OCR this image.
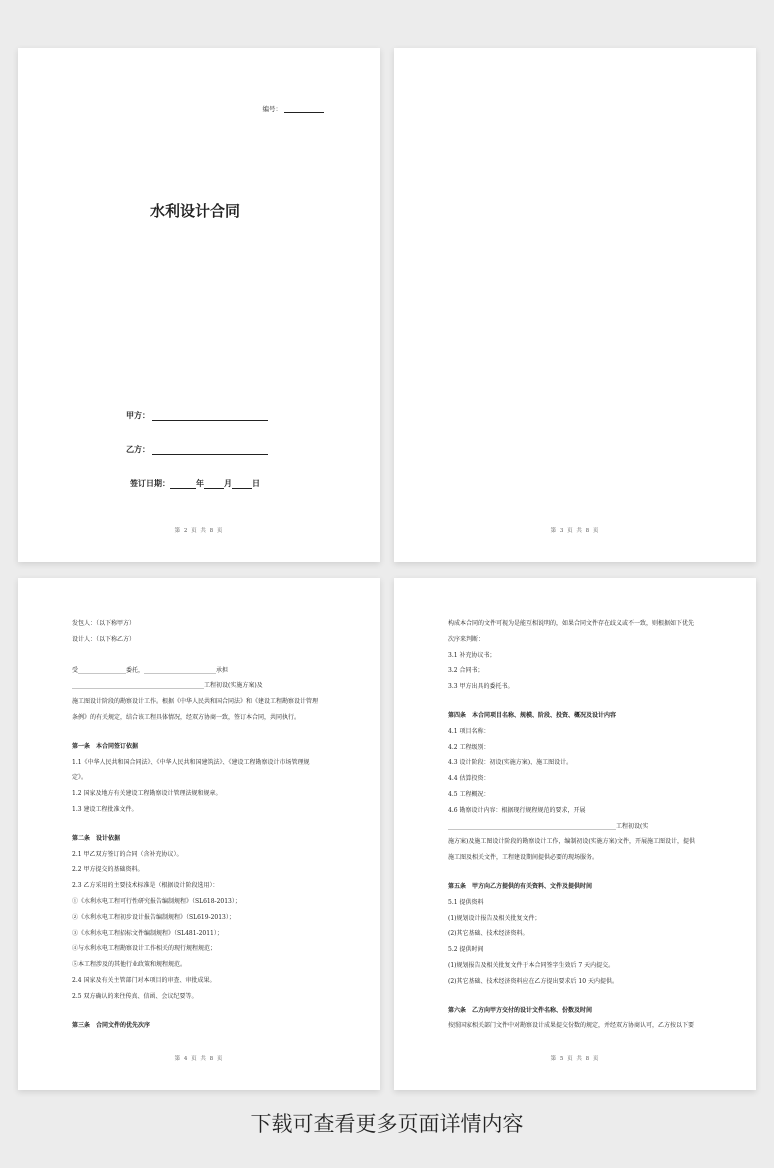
编号：
水利设计合同
甲方：
乙方：
签订日期：	年	月	日
第 2 页 共 8 页	第 3 页 共 8 页

发包人：（以下称甲方）

设计人：（以下称乙方）

受________________委托，________________________承担

____________________________________________工程初设(实施方案)及

施工图设计阶段的勘察设计工作。根据《中华人民共和国合同法》和《建设工程勘察设计管理

条例》的有关规定，结合该工程具体情况，经双方协商一致，签订本合同，共同执行。

第一条　本合同签订依据

1.1《中华人民共和国合同法》、《中华人民共和国建筑法》、《建设工程勘察设计市场管理规

定》。

1.2 国家及地方有关建设工程勘察设计管理法规和规章。

1.3 建设工程批准文件。

第二条　设计依据

2.1 甲乙双方签订的合同（含补充协议）。

2.2 甲方提交的基础资料。

2.3 乙方采用的主要技术标准是（根据设计阶段选用）：

①《水利水电工程可行性研究报告编制规程》（SL618-2013）；

②《水利水电工程初步设计报告编制规程》（SL619-2013）；

③《水利水电工程招标文件编制规程》（SL481-2011）；

④与水利水电工程勘察设计工作相关的现行规程规范；

⑤本工程涉及的其他行业政策和规程规范。

2.4 国家及有关主管部门对本项目的审查、审批成果。

2.5 双方确认的来往传真、信函、会议纪要等。

第三条　合同文件的优先次序

第 4 页 共 8 页

构成本合同的文件可视为是能互相说明的，如果合同文件存在歧义或不一致，则根据如下优先

次序来判断：

3.1 补充协议书；

3.2 合同书；

3.3 甲方出具的委托书。

第四条　本合同项目名称、规模、阶段、投资、概况及设计内容

4.1 项目名称：

4.2 工程级别：

4.3 设计阶段：初设(实施方案)、施工图设计。

4.4 估算投资：

4.5 工程概况：

4.6 勘察设计内容：根据现行规程规范的要求，开展

________________________________________________________工程初设(实

施方案)及施工图设计阶段的勘察设计工作，编制初设(实施方案)文件，开展施工图设计，提供

施工图及相关文件，工程建设期间提供必要的现场服务。

第五条　甲方向乙方提供的有关资料、文件及提供时间

5.1 提供资料

(1)规划设计报告及相关批复文件；

(2)其它基础、技术经济资料。

5.2 提供时间

(1)规划报告及相关批复文件于本合同签字生效后 7 天内提交。

(2)其它基础、技术经济资料应在乙方提出要求后 10 天内提供。

第六条　乙方向甲方交付的设计文件名称、份数及时间

按照国家相关部门文件中对勘察设计成果提交份数的规定，并经双方协商认可，乙方按以下要

第 5 页 共 8 页
下载可查看更多页面详情内容
